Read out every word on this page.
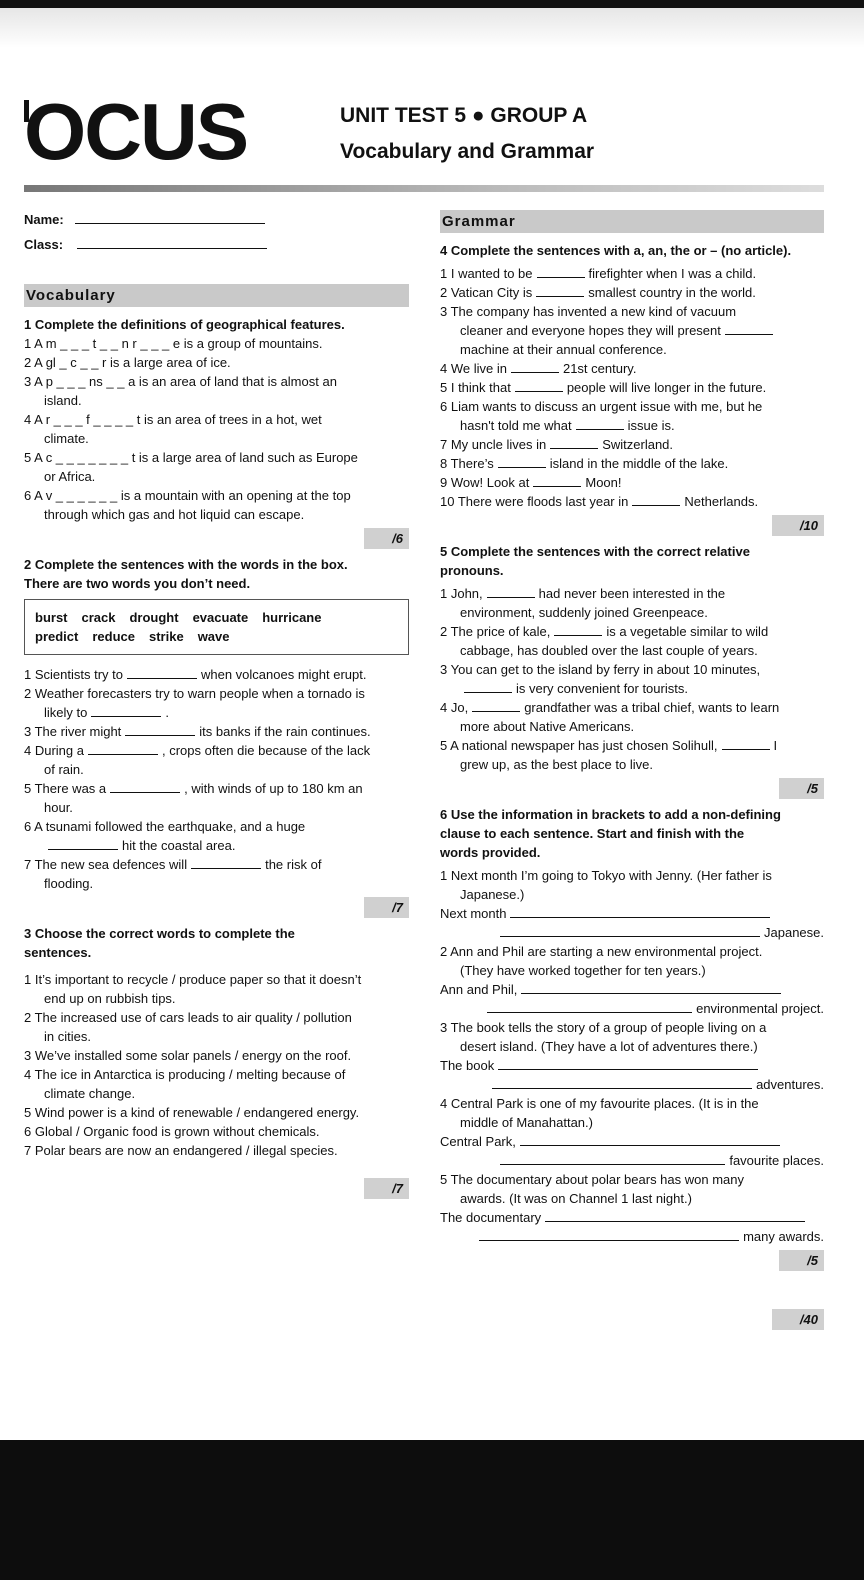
OCUS	UNIT TEST 5 ● GROUP A
Vocabulary and Grammar
Name:
Class:
Vocabulary
1 Complete the definitions of geographical features.
1 A m _ _ _ t _ _ n r _ _ _ e is a group of mountains.
2 A gl _ c _ _ r is a large area of ice.
3 A p _ _ _ ns _ _ a is an area of land that is almost an
island.
4 A r _ _ _ f _ _ _ _ t is an area of trees in a hot, wet
climate.
5 A c _ _ _ _ _ _ _ t is a large area of land such as Europe
or Africa.
6 A v _ _ _ _ _ _ is a mountain with an opening at the top
through which gas and hot liquid can escape.
/6
2 Complete the sentences with the words in the box.
There are two words you don’t need.
burst crack drought evacuate hurricane
predict reduce strike wave
1 Scientists try to	when volcanoes might erupt.
2 Weather forecasters try to warn people when a tornado is
likely to	.
3 The river might	its banks if the rain continues.
4 During a	, crops often die because of the lack
of rain.
5 There was a	, with winds of up to 180 km an
hour.
6 A tsunami followed the earthquake, and a huge
hit the coastal area.
7 The new sea defences will	the risk of
flooding.
/7
3 Choose the correct words to complete the
sentences.
1 It’s important to recycle / produce paper so that it doesn’t
end up on rubbish tips.
2 The increased use of cars leads to air quality / pollution
in cities.
3 We’ve installed some solar panels / energy on the roof.
4 The ice in Antarctica is producing / melting because of
climate change.
5 Wind power is a kind of renewable / endangered energy.
6 Global / Organic food is grown without chemicals.
7 Polar bears are now an endangered / illegal species.
/7
Grammar
4 Complete the sentences with a, an, the or – (no article).
1 I wanted to be	firefighter when I was a child.
2 Vatican City is	smallest country in the world.
3 The company has invented a new kind of vacuum
cleaner and everyone hopes they will present
machine at their annual conference.
4 We live in	21st century.
5 I think that	people will live longer in the future.
6 Liam wants to discuss an urgent issue with me, but he
hasn't told me what	issue is.
7 My uncle lives in	Switzerland.
8 There’s	island in the middle of the lake.
9 Wow! Look at	Moon!
10 There were floods last year in	Netherlands.
/10
5 Complete the sentences with the correct relative
pronouns.
1 John,	had never been interested in the
environment, suddenly joined Greenpeace.
2 The price of kale,	is a vegetable similar to wild
cabbage, has doubled over the last couple of years.
3 You can get to the island by ferry in about 10 minutes,
is very convenient for tourists.
4 Jo,	grandfather was a tribal chief, wants to learn
more about Native Americans.
5 A national newspaper has just chosen Solihull,	I
grew up, as the best place to live.
/5
6 Use the information in brackets to add a non-defining
clause to each sentence. Start and finish with the
words provided.
1 Next month I’m going to Tokyo with Jenny. (Her father is
Japanese.)
Next month
Japanese.
2 Ann and Phil are starting a new environmental project.
(They have worked together for ten years.)
Ann and Phil,
environmental project.
3 The book tells the story of a group of people living on a
desert island. (They have a lot of adventures there.)
The book
adventures.
4 Central Park is one of my favourite places. (It is in the
middle of Manahattan.)
Central Park,
favourite places.
5 The documentary about polar bears has won many
awards. (It was on Channel 1 last night.)
The documentary
many awards.
/5
/40
